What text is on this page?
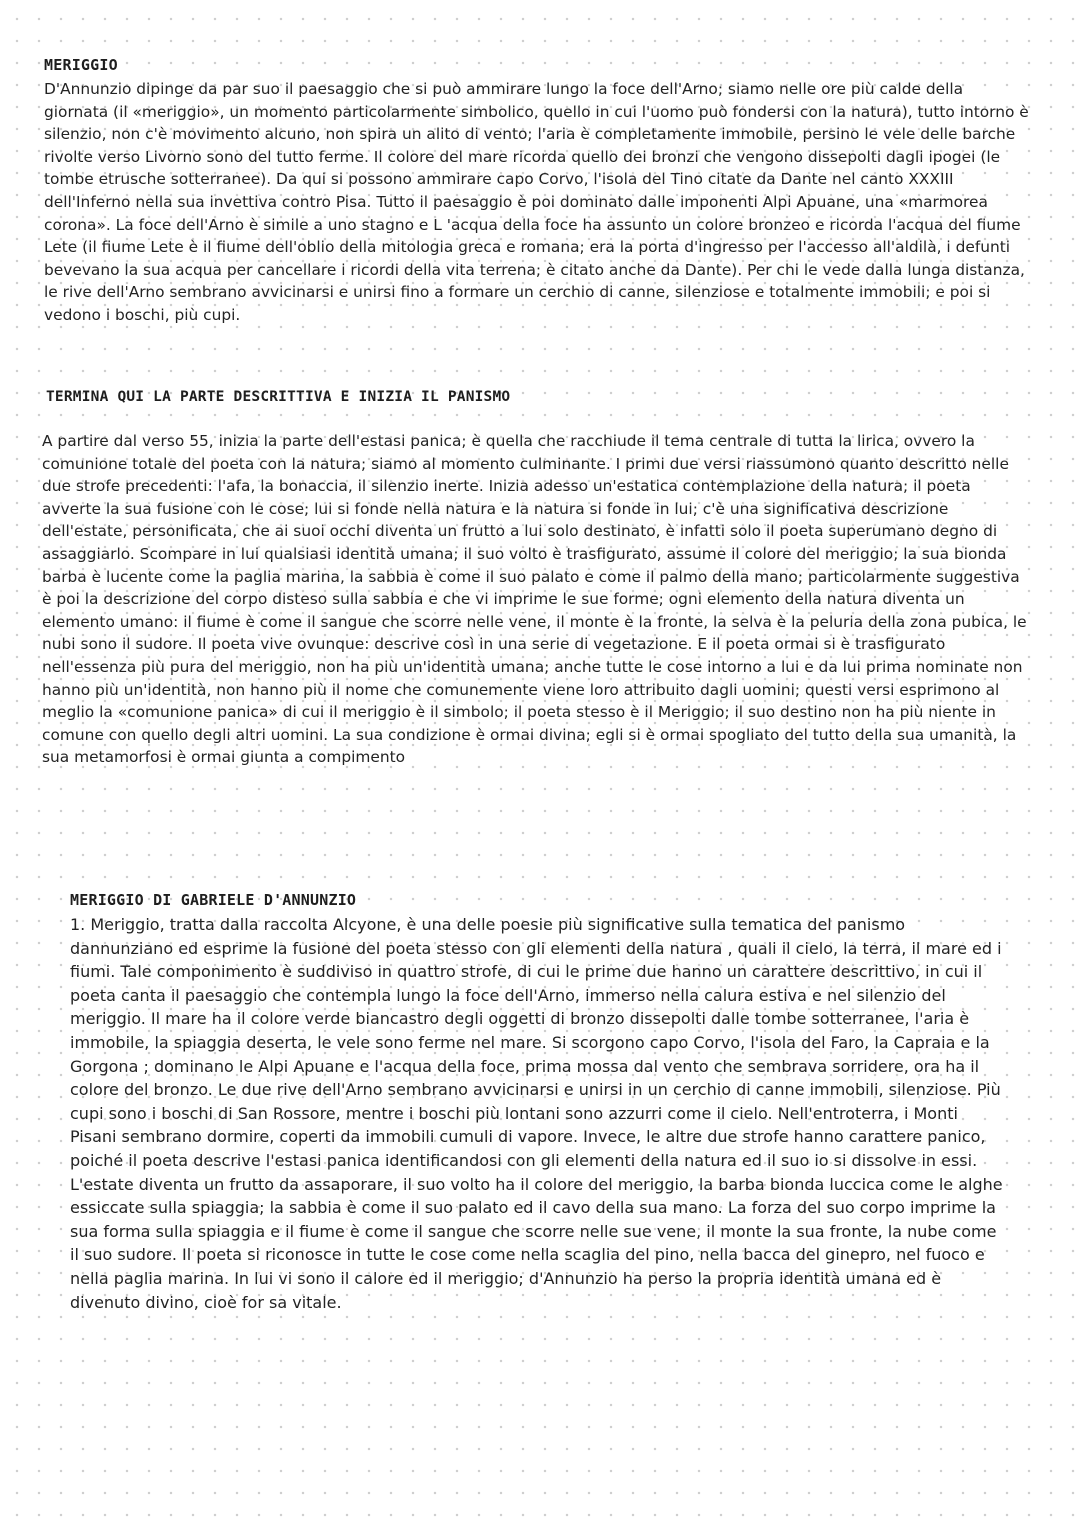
MERIGGIO

D'Annunzio dipinge da par suo il paesaggio che si può ammirare lungo la foce dell'Arno; siamo nelle ore più calde della giornata (il «meriggio», un momento particolarmente simbolico, quello in cui l'uomo può fondersi con la natura), tutto intorno è silenzio, non c'è movimento alcuno, non spira un alito di vento; l'aria è completamente immobile, persino le vele delle barche rivolte verso Livorno sono del tutto ferme. Il colore del mare ricorda quello dei bronzi che vengono dissepolti dagli ipogei (le tombe etrusche sotterranee). Da qui si possono ammirare capo Corvo, l'isola del Tino citate da Dante nel canto XXXIII dell'Inferno nella sua invettiva contro Pisa. Tutto il paesaggio è poi dominato dalle imponenti Alpi Apuane, una «marmorea corona». La foce dell'Arno è simile a uno stagno e L 'acqua della foce ha assunto un colore bronzeo e ricorda l'acqua del fiume Lete (il fiume Lete è il fiume dell'oblio della mitologia greca e romana; era la porta d'ingresso per l'accesso all'aldilà, i defunti bevevano la sua acqua per cancellare i ricordi della vita terrena; è citato anche da Dante). Per chi le vede dalla lunga distanza, le rive dell'Arno sembrano avvicinarsi e unirsi fino a formare un cerchio di canne, silenziose e totalmente immobili; e poi si vedono i boschi, più cupi.

TERMINA QUI LA PARTE DESCRITTIVA E INIZIA IL PANISMO

A partire dal verso 55, inizia la parte dell'estasi panica; è quella che racchiude il tema centrale di tutta la lirica, ovvero la comunione totale del poeta con la natura; siamo al momento culminante. I primi due versi riassumono quanto descritto nelle due strofe precedenti: l'afa, la bonaccia, il silenzio inerte. Inizia adesso un'estatica contemplazione della natura; il poeta avverte la sua fusione con le cose; lui si fonde nella natura e la natura si fonde in lui; c'è una significativa descrizione dell'estate, personificata, che ai suoi occhi diventa un frutto a lui solo destinato, è infatti solo il poeta superumano degno di assaggiarlo. Scompare in lui qualsiasi identità umana; il suo volto è trasfigurato, assume il colore del meriggio; la sua bionda barba è lucente come la paglia marina, la sabbia è come il suo palato e come il palmo della mano; particolarmente suggestiva è poi la descrizione del corpo disteso sulla sabbia e che vi imprime le sue forme; ogni elemento della natura diventa un elemento umano: il fiume è come il sangue che scorre nelle vene, il monte è la fronte, la selva è la peluria della zona pubica, le nubi sono il sudore. Il poeta vive ovunque: descrive così in una serie di vegetazione. E il poeta ormai si è trasfigurato nell'essenza più pura del meriggio, non ha più un'identità umana; anche tutte le cose intorno a lui e da lui prima nominate non hanno più un'identità, non hanno più il nome che comunemente viene loro attribuito dagli uomini; questi versi esprimono al meglio la «comunione panica» di cui il meriggio è il simbolo; il poeta stesso è il Meriggio; il suo destino non ha più niente in comune con quello degli altri uomini. La sua condizione è ormai divina; egli si è ormai spogliato del tutto della sua umanità, la sua metamorfosi è ormai giunta a compimento

MERIGGIO DI GABRIELE D'ANNUNZIO

1. Meriggio, tratta dalla raccolta Alcyone, è una delle poesie più significative sulla tematica del panismo dannunziano ed esprime la fusione del poeta stesso con gli elementi della natura , quali il cielo, la terra, il mare ed i fiumi. Tale componimento è suddiviso in quattro strofe, di cui le prime due hanno un carattere descrittivo, in cui il poeta canta il paesaggio che contempla lungo la foce dell'Arno, immerso nella calura estiva e nel silenzio del meriggio. Il mare ha il colore verde biancastro degli oggetti di bronzo dissepolti dalle tombe sotterranee, l'aria è immobile, la spiaggia deserta, le vele sono ferme nel mare. Si scorgono capo Corvo, l'isola del Faro, la Capraia e la Gorgona ; dominano le Alpi Apuane e l'acqua della foce, prima mossa dal vento che sembrava sorridere, ora ha il colore del bronzo. Le due rive dell'Arno sembrano avvicinarsi e unirsi in un cerchio di canne immobili, silenziose. Più cupi sono i boschi di San Rossore, mentre i boschi più lontani sono azzurri come il cielo. Nell'entroterra, i Monti Pisani sembrano dormire, coperti da immobili cumuli di vapore. Invece, le altre due strofe hanno carattere panico, poiché il poeta descrive l'estasi panica identificandosi con gli elementi della natura ed il suo io si dissolve in essi. L'estate diventa un frutto da assaporare, il suo volto ha il colore del meriggio, la barba bionda luccica come le alghe essiccate sulla spiaggia; la sabbia è come il suo palato ed il cavo della sua mano. La forza del suo corpo imprime la sua forma sulla spiaggia e il fiume è come il sangue che scorre nelle sue vene, il monte la sua fronte, la nube come il suo sudore. Il poeta si riconosce in tutte le cose come nella scaglia del pino, nella bacca del ginepro, nel fuoco e nella paglia marina. In lui vi sono il calore ed il meriggio; d'Annunzio ha perso la propria identità umana ed è divenuto divino, cioè for sa vitale.
